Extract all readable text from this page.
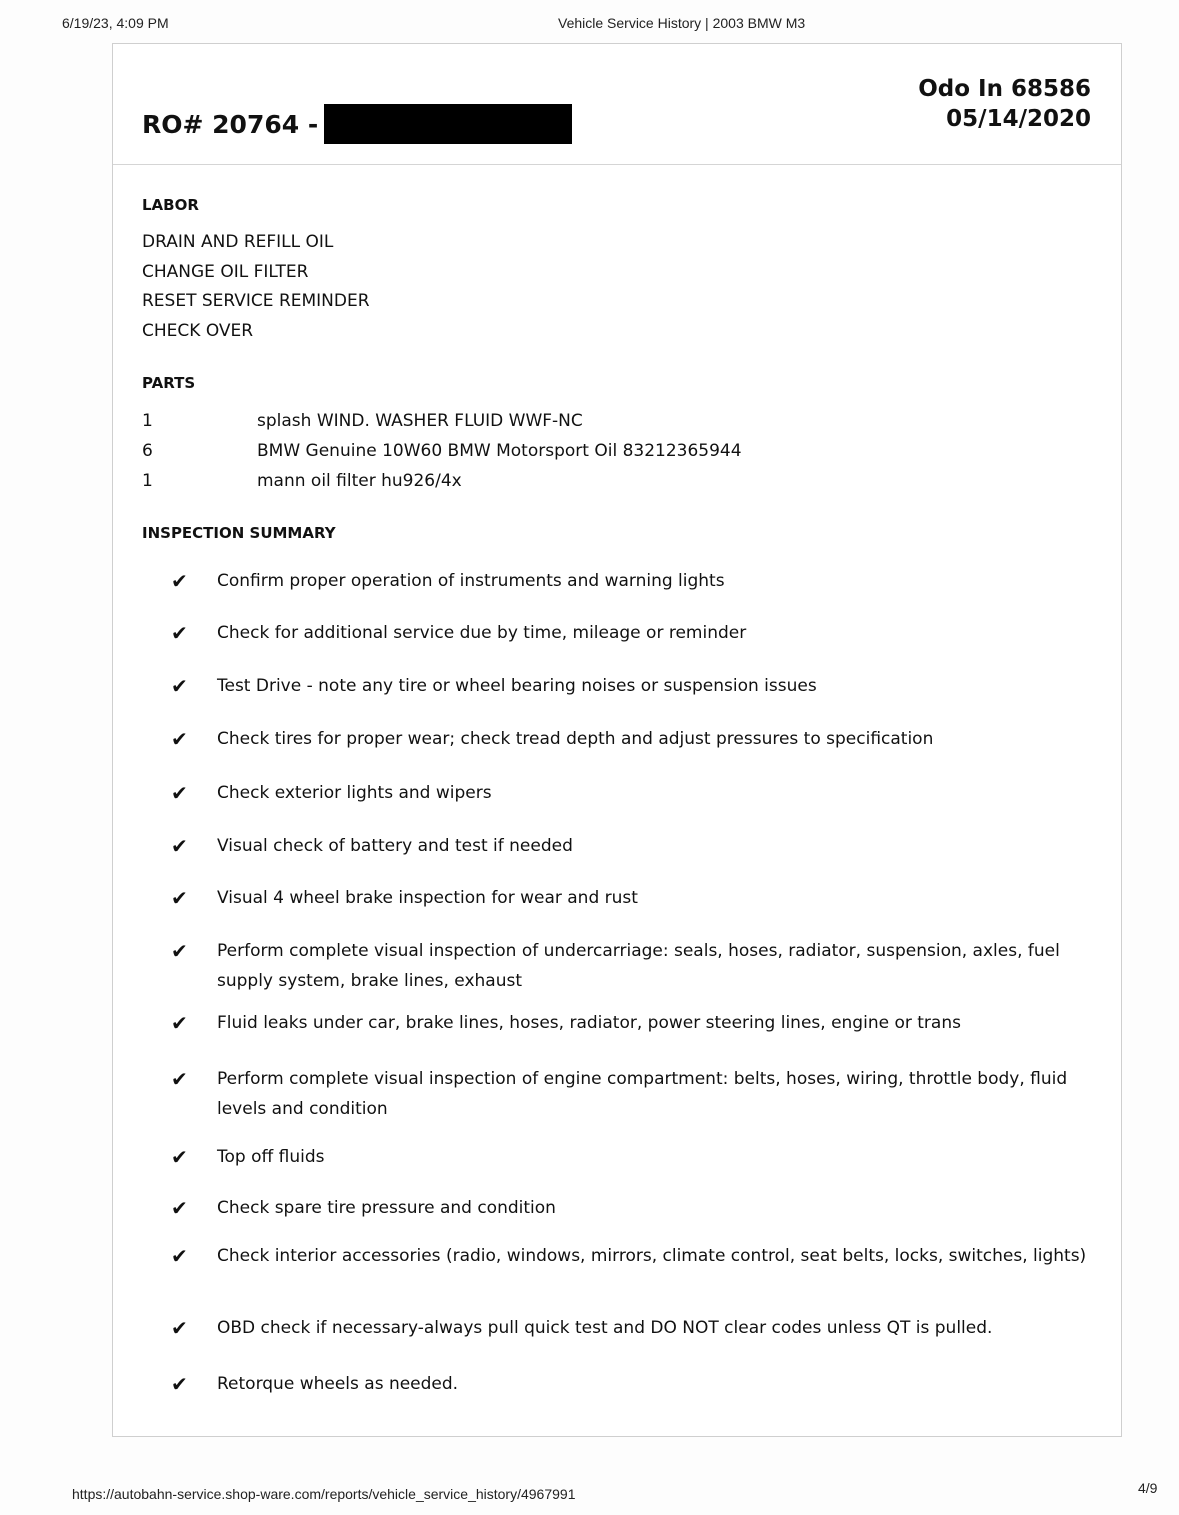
6/19/23, 4:09 PM	Vehicle Service History | 2003 BMW M3
RO# 20764 -
Odo In 68586
05/14/2020
LABOR
DRAIN AND REFILL OIL
CHANGE OIL FILTER
RESET SERVICE REMINDER
CHECK OVER
PARTS
1	splash WIND. WASHER FLUID WWF-NC
6	BMW Genuine 10W60 BMW Motorsport Oil 83212365944
1	mann oil filter hu926/4x
INSPECTION SUMMARY
✔	Confirm proper operation of instruments and warning lights
✔	Check for additional service due by time, mileage or reminder
✔	Test Drive - note any tire or wheel bearing noises or suspension issues
✔	Check tires for proper wear; check tread depth and adjust pressures to specification
✔	Check exterior lights and wipers
✔	Visual check of battery and test if needed
✔	Visual 4 wheel brake inspection for wear and rust
✔	Perform complete visual inspection of undercarriage: seals, hoses, radiator, suspension, axles, fuel supply system, brake lines, exhaust
✔	Fluid leaks under car, brake lines, hoses, radiator, power steering lines, engine or trans
✔	Perform complete visual inspection of engine compartment: belts, hoses, wiring, throttle body, fluid levels and condition
✔	Top off fluids
✔	Check spare tire pressure and condition
✔	Check interior accessories (radio, windows, mirrors, climate control, seat belts, locks, switches, lights)
✔	OBD check if necessary-always pull quick test and DO NOT clear codes unless QT is pulled.
✔	Retorque wheels as needed.
https://autobahn-service.shop-ware.com/reports/vehicle_service_history/4967991	4/9
